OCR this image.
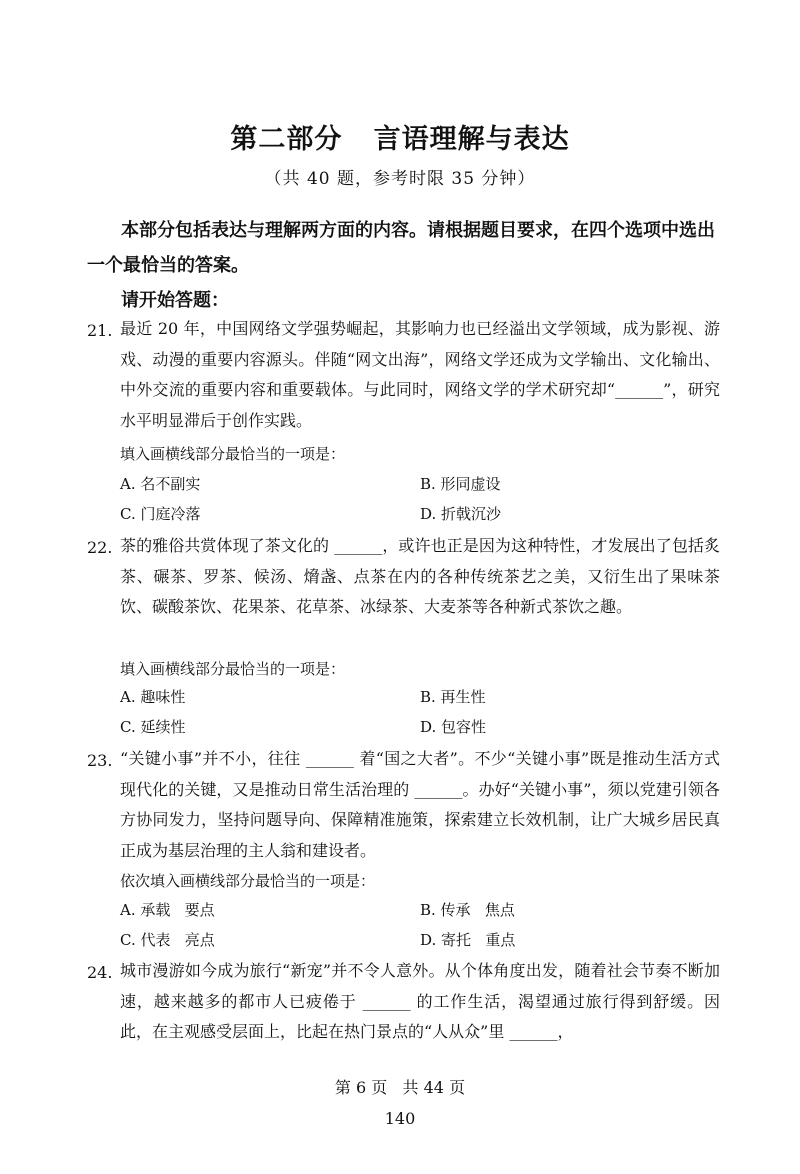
第二部分   言语理解与表达
（共 40 题，参考时限 35 分钟）
本部分包括表达与理解两方面的内容。请根据题目要求，在四个选项中选出一个最恰当的答案。
请开始答题：
21. 最近 20 年，中国网络文学强势崛起，其影响力也已经溢出文学领域，成为影视、游戏、动漫的重要内容源头。伴随“网文出海”，网络文学还成为文学输出、文化输出、中外交流的重要内容和重要载体。与此同时，网络文学的学术研究却“______”，研究水平明显滞后于创作实践。
填入画横线部分最恰当的一项是：
A. 名不副实	B. 形同虚设
C. 门庭冷落	D. 折戟沉沙
22. 茶的雅俗共赏体现了茶文化的 ______，或许也正是因为这种特性，才发展出了包括炙茶、碾茶、罗茶、候汤、熁盏、点茶在内的各种传统茶艺之美，又衍生出了果味茶饮、碳酸茶饮、花果茶、花草茶、冰绿茶、大麦茶等各种新式茶饮之趣。
填入画横线部分最恰当的一项是：
A. 趣味性	B. 再生性
C. 延续性	D. 包容性
23. “关键小事”并不小，往往 ______ 着“国之大者”。不少“关键小事”既是推动生活方式现代化的关键，又是推动日常生活治理的 ______。办好“关键小事”，须以党建引领各方协同发力，坚持问题导向、保障精准施策，探索建立长效机制，让广大城乡居民真正成为基层治理的主人翁和建设者。
依次填入画横线部分最恰当的一项是：
A. 承载   要点	B. 传承   焦点
C. 代表   亮点	D. 寄托   重点
24. 城市漫游如今成为旅行“新宠”并不令人意外。从个体角度出发，随着社会节奏不断加速，越来越多的都市人已疲倦于 ______ 的工作生活，渴望通过旅行得到舒缓。因此，在主观感受层面上，比起在热门景点的“人从众”里 ______，
第 6 页   共 44 页
140
